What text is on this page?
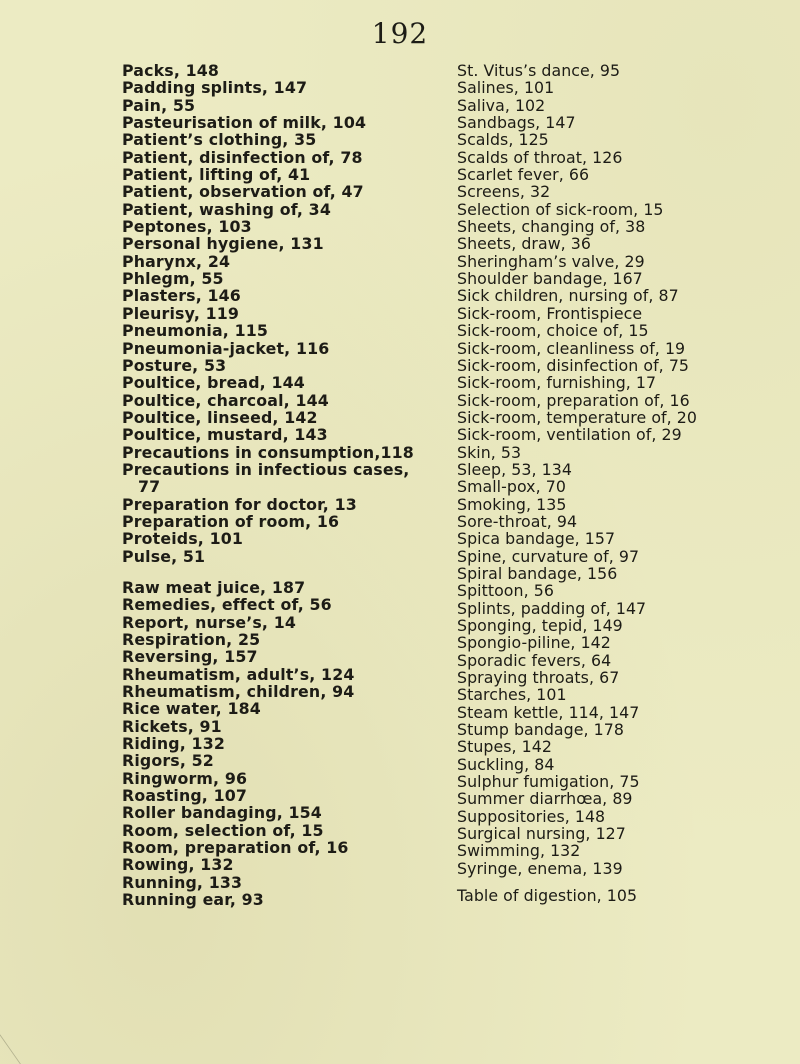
192
Packs, 148
Padding splints, 147
Pain, 55
Pasteurisation of milk, 104
Patient’s clothing, 35
Patient, disinfection of, 78
Patient, lifting of, 41
Patient, observation of, 47
Patient, washing of, 34
Peptones, 103
Personal hygiene, 131
Pharynx, 24
Phlegm, 55
Plasters, 146
Pleurisy, 119
Pneumonia, 115
Pneumonia-jacket, 116
Posture, 53
Poultice, bread, 144
Poultice, charcoal, 144
Poultice, linseed, 142
Poultice, mustard, 143
Precautions in consumption,118
Precautions in infectious cases,
77
Preparation for doctor, 13
Preparation of room, 16
Proteids, 101
Pulse, 51
Raw meat juice, 187
Remedies, effect of, 56
Report, nurse’s, 14
Respiration, 25
Reversing, 157
Rheumatism, adult’s, 124
Rheumatism, children, 94
Rice water, 184
Rickets, 91
Riding, 132
Rigors, 52
Ringworm, 96
Roasting, 107
Roller bandaging, 154
Room, selection of, 15
Room, preparation of, 16
Rowing, 132
Running, 133
Running ear, 93
St. Vitus’s dance, 95
Salines, 101
Saliva, 102
Sandbags, 147
Scalds, 125
Scalds of throat, 126
Scarlet fever, 66
Screens, 32
Selection of sick-room, 15
Sheets, changing of, 38
Sheets, draw, 36
Sheringham’s valve, 29
Shoulder bandage, 167
Sick children, nursing of, 87
Sick-room, Frontispiece
Sick-room, choice of, 15
Sick-room, cleanliness of, 19
Sick-room, disinfection of, 75
Sick-room, furnishing, 17
Sick-room, preparation of, 16
Sick-room, temperature of, 20
Sick-room, ventilation of, 29
Skin, 53
Sleep, 53, 134
Small-pox, 70
Smoking, 135
Sore-throat, 94
Spica bandage, 157
Spine, curvature of, 97
Spiral bandage, 156
Spittoon, 56
Splints, padding of, 147
Sponging, tepid, 149
Spongio-piline, 142
Sporadic fevers, 64
Spraying throats, 67
Starches, 101
Steam kettle, 114, 147
Stump bandage, 178
Stupes, 142
Suckling, 84
Sulphur fumigation, 75
Summer diarrhœa, 89
Suppositories, 148
Surgical nursing, 127
Swimming, 132
Syringe, enema, 139
Table of digestion, 105
